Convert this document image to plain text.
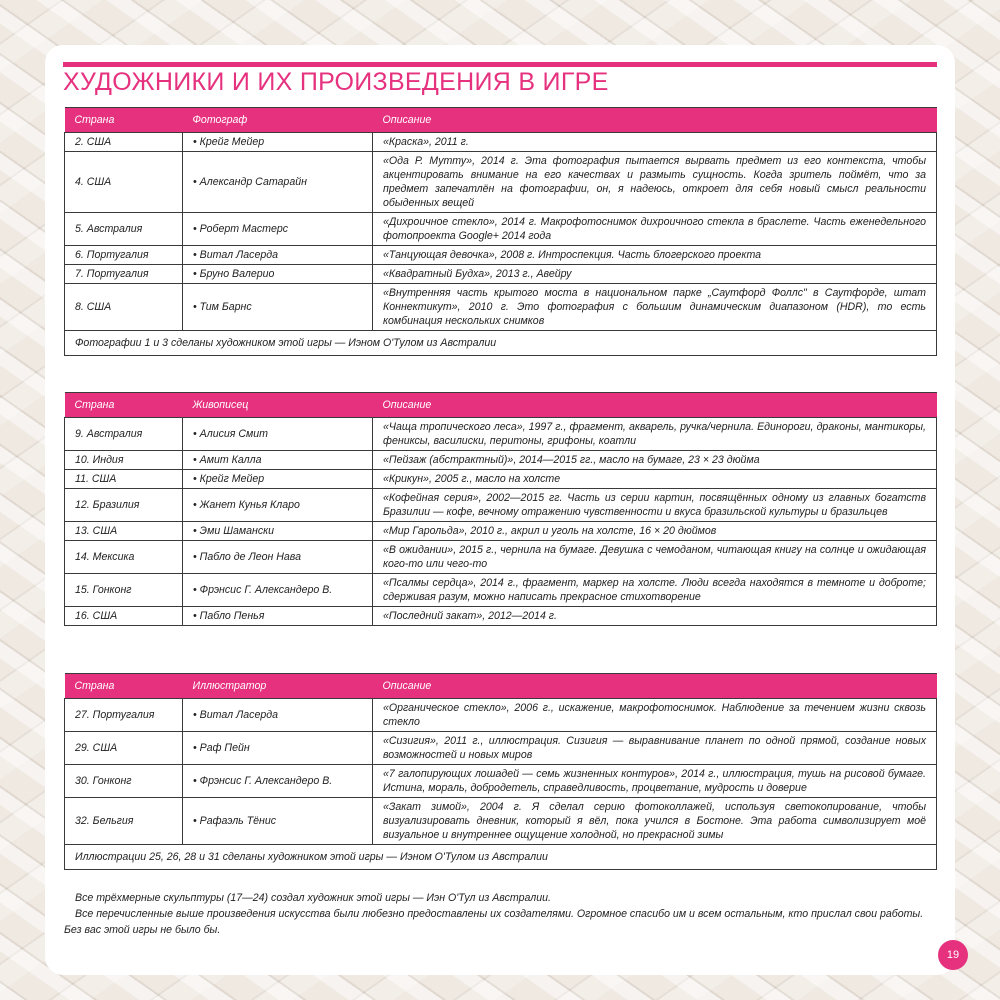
ХУДОЖНИКИ И ИХ ПРОИЗВЕДЕНИЯ В ИГРЕ
Страна	Фотограф	Описание
2. США	• Крейг Мейер	«Краска», 2011 г.
4. США	• Александр Сатарайн	«Ода Р. Мутту», 2014 г. Эта фотография пытается вырвать предмет из его контекста, чтобы акцентировать внимание на его качествах и размыть сущность. Когда зритель поймёт, что за предмет запечатлён на фотографии, он, я надеюсь, откроет для себя новый смысл реальности обыденных вещей
5. Австралия	• Роберт Мастерс	«Дихроичное стекло», 2014 г. Макрофотоснимок дихроичного стекла в браслете. Часть еженедельного фотопроекта Google+ 2014 года
6. Португалия	• Витал Ласерда	«Танцующая девочка», 2008 г. Интроспекция. Часть блогерского проекта
7. Португалия	• Бруно Валерио	«Квадратный Будха», 2013 г., Авейру
8. США	• Тим Барнс	«Внутренняя часть крытого моста в национальном парке „Саутфорд Фоллс" в Саутфорде, штат Коннектикут», 2010 г. Это фотография с большим динамическим диапазоном (HDR), то есть комбинация нескольких снимков
Фотографии 1 и 3 сделаны художником этой игры — Иэном О'Тулом из Австралии		
Страна	Живописец	Описание
9. Австралия	• Алисия Смит	«Чаща тропического леса», 1997 г., фрагмент, акварель, ручка/чернила. Единороги, драконы, мантикоры, фениксы, василиски, перитоны, грифоны, коатли
10. Индия	• Амит Калла	«Пейзаж (абстрактный)», 2014—2015 гг., масло на бумаге, 23 × 23 дюйма
11. США	• Крейг Мейер	«Крикун», 2005 г., масло на холсте
12. Бразилия	• Жанет Кунья Кларо	«Кофейная серия», 2002—2015 гг. Часть из серии картин, посвящённых одному из главных богатств Бразилии — кофе, вечному отражению чувственности и вкуса бразильской культуры и бразильцев
13. США	• Эми Шамански	«Мир Гарольда», 2010 г., акрил и уголь на холсте, 16 × 20 дюймов
14. Мексика	• Пабло де Леон Нава	«В ожидании», 2015 г., чернила на бумаге. Девушка с чемоданом, читающая книгу на солнце и ожидающая кого-то или чего-то
15. Гонконг	• Фрэнсис Г. Александеро В.	«Псалмы сердца», 2014 г., фрагмент, маркер на холсте. Люди всегда находятся в темноте и доброте; сдерживая разум, можно написать прекрасное стихотворение
16. США	• Пабло Пенья	«Последний закат», 2012—2014 г.
Страна	Иллюстратор	Описание
27. Португалия	• Витал Ласерда	«Органическое стекло», 2006 г., искажение, макрофотоснимок. Наблюдение за течением жизни сквозь стекло
29. США	• Раф Пейн	«Сизигия», 2011 г., иллюстрация. Сизигия — выравнивание планет по одной прямой, создание новых возможностей и новых миров
30. Гонконг	• Фрэнсис Г. Александеро В.	«7 галопирующих лошадей — семь жизненных контуров», 2014 г., иллюстрация, тушь на рисовой бумаге. Истина, мораль, добродетель, справедливость, процветание, мудрость и доверие
32. Бельгия	• Рафаэль Тёнис	«Закат зимой», 2004 г. Я сделал серию фотоколлажей, используя светокопирование, чтобы визуализировать дневник, который я вёл, пока учился в Бостоне. Эта работа символизирует моё визуальное и внутреннее ощущение холодной, но прекрасной зимы
Иллюстрации 25, 26, 28 и 31 сделаны художником этой игры — Иэном О'Тулом из Австралии		

Все трёхмерные скульптуры (17—24) создал художник этой игры — Иэн О'Тул из Австралии.

Все перечисленные выше произведения искусства были любезно предоставлены их создателями. Огромное спасибо им и всем остальным, кто прислал свои работы. Без вас этой игры не было бы.

19
